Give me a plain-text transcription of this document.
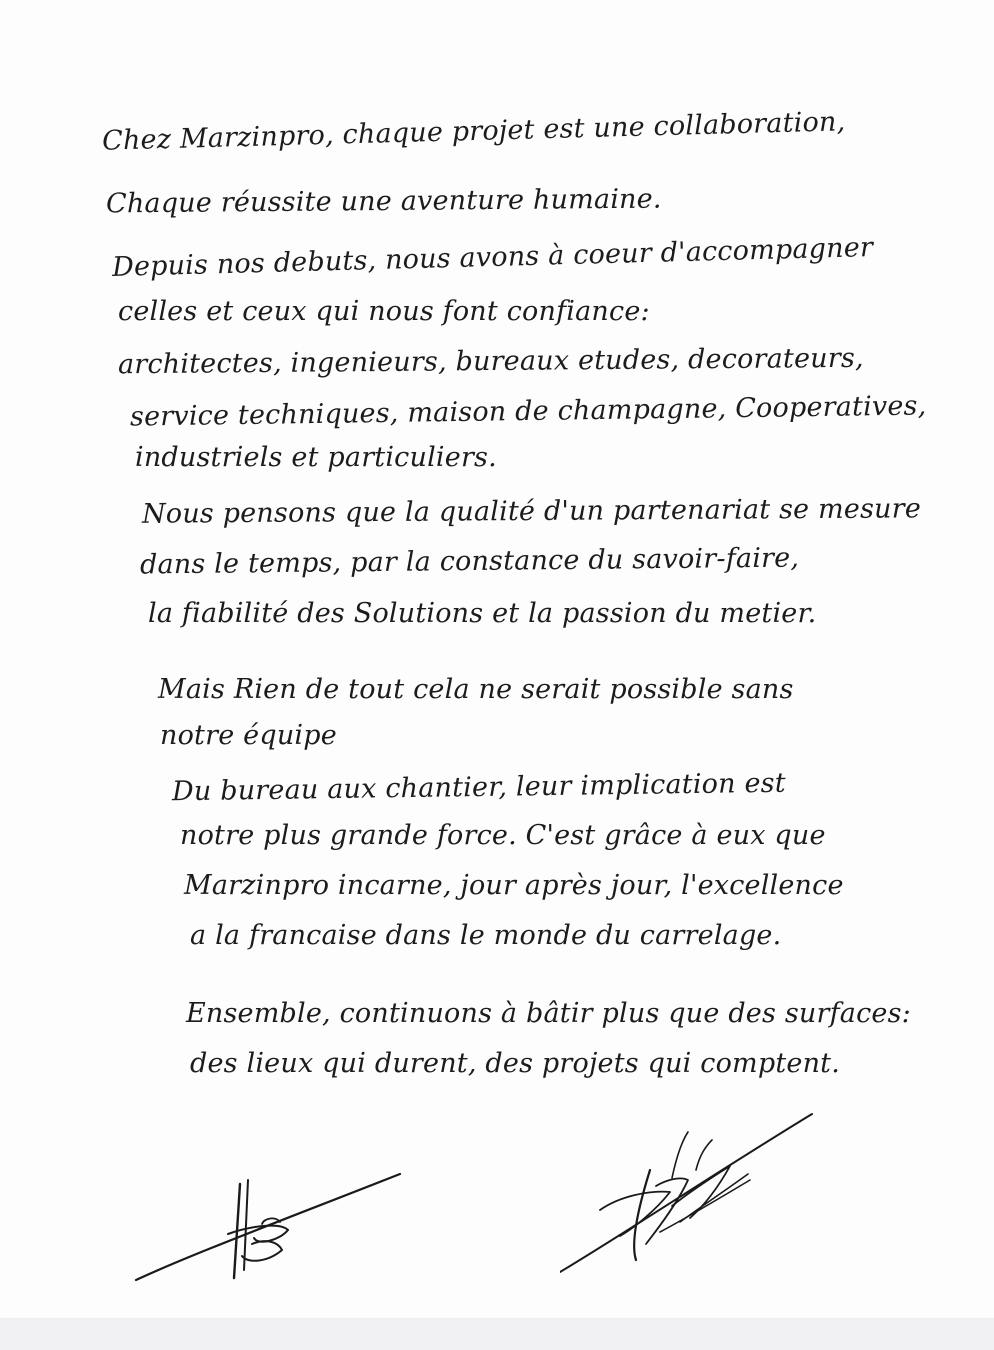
Chez Marzinpro, chaque projet est une collaboration,
Chaque réussite une aventure humaine.
Depuis nos debuts, nous avons à coeur d'accompagner
celles et ceux qui nous font confiance:
architectes, ingenieurs, bureaux etudes, decorateurs,
service techniques, maison de champagne, Cooperatives,
industriels et particuliers.
Nous pensons que la qualité d'un partenariat se mesure
dans le temps, par la constance du savoir-faire,
la fiabilité des Solutions et la passion du metier.
Mais Rien de tout cela ne serait possible sans
notre équipe
Du bureau aux chantier, leur implication est
notre plus grande force. C'est grâce à eux que
Marzinpro incarne, jour après jour, l'excellence
a la francaise dans le monde du carrelage.
Ensemble, continuons à bâtir plus que des surfaces:
des lieux qui durent, des projets qui comptent.
